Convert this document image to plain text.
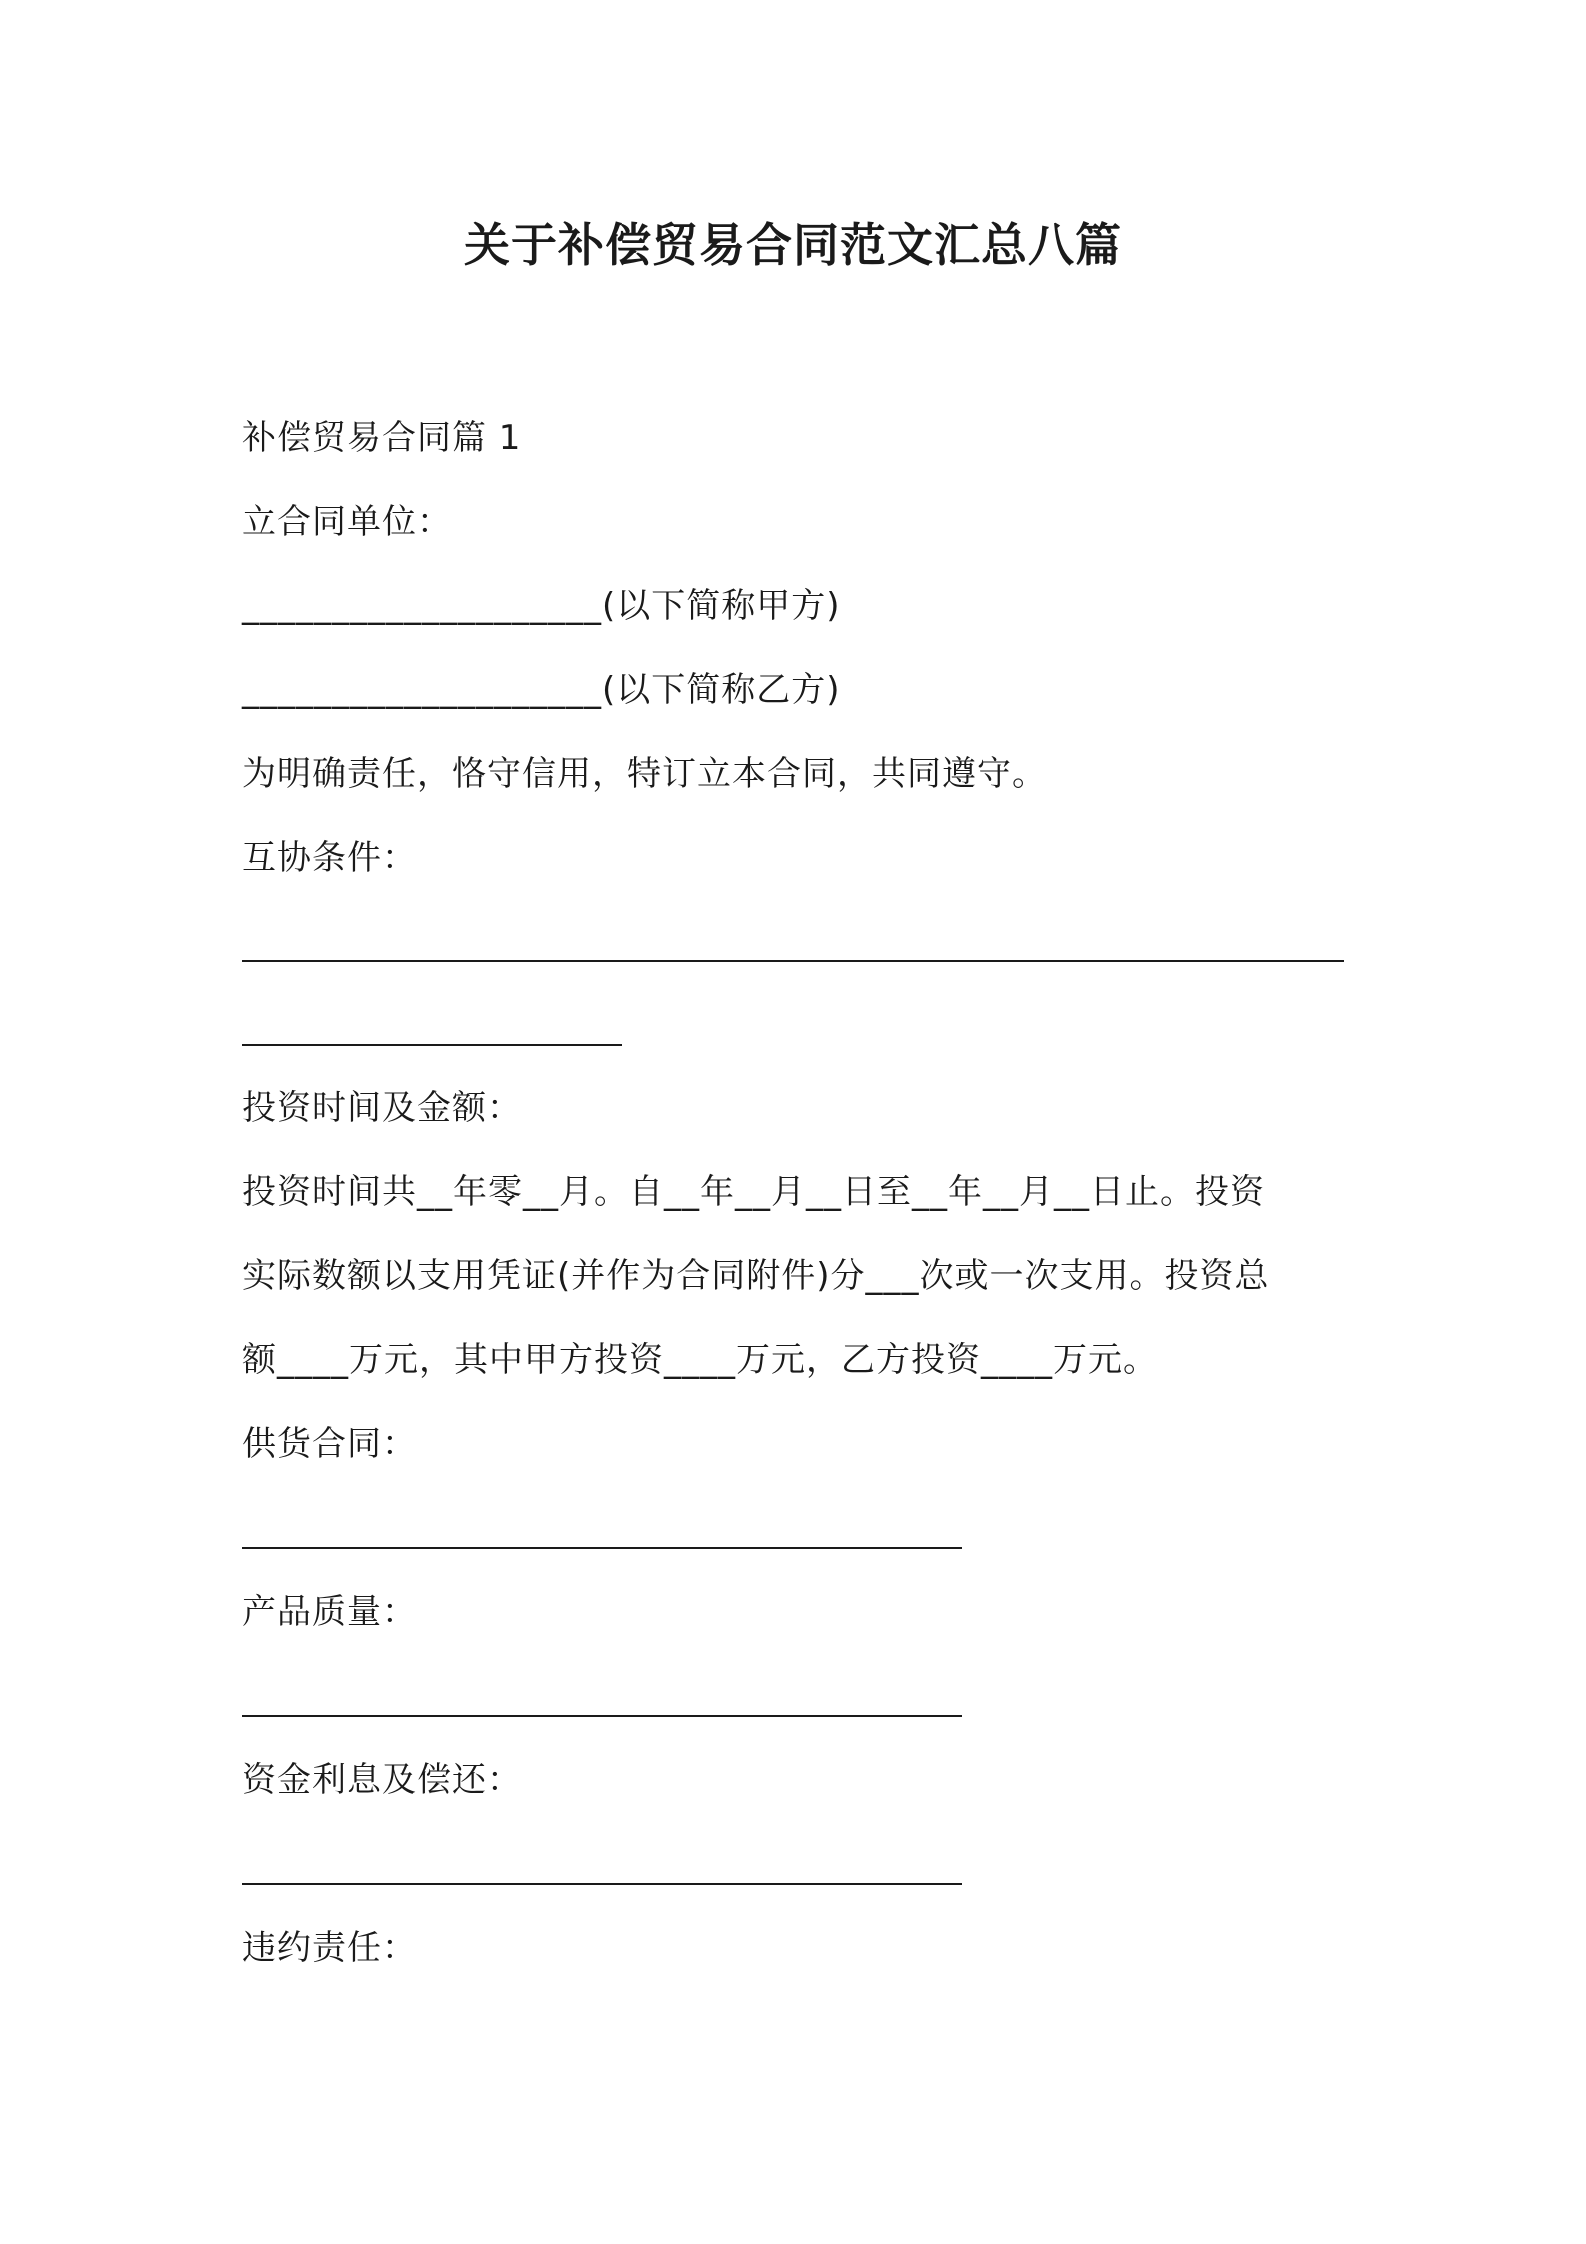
关于补偿贸易合同范文汇总八篇
补偿贸易合同篇 1
立合同单位：
____________________(以下简称甲方)
____________________(以下简称乙方)
为明确责任，恪守信用，特订立本合同，共同遵守。
互协条件：
投资时间及金额：
投资时间共__年零__月。自__年__月__日至__年__月__日止。投资
实际数额以支用凭证(并作为合同附件)分___次或一次支用。投资总
额____万元，其中甲方投资____万元，乙方投资____万元。
供货合同：
产品质量：
资金利息及偿还：
违约责任：
